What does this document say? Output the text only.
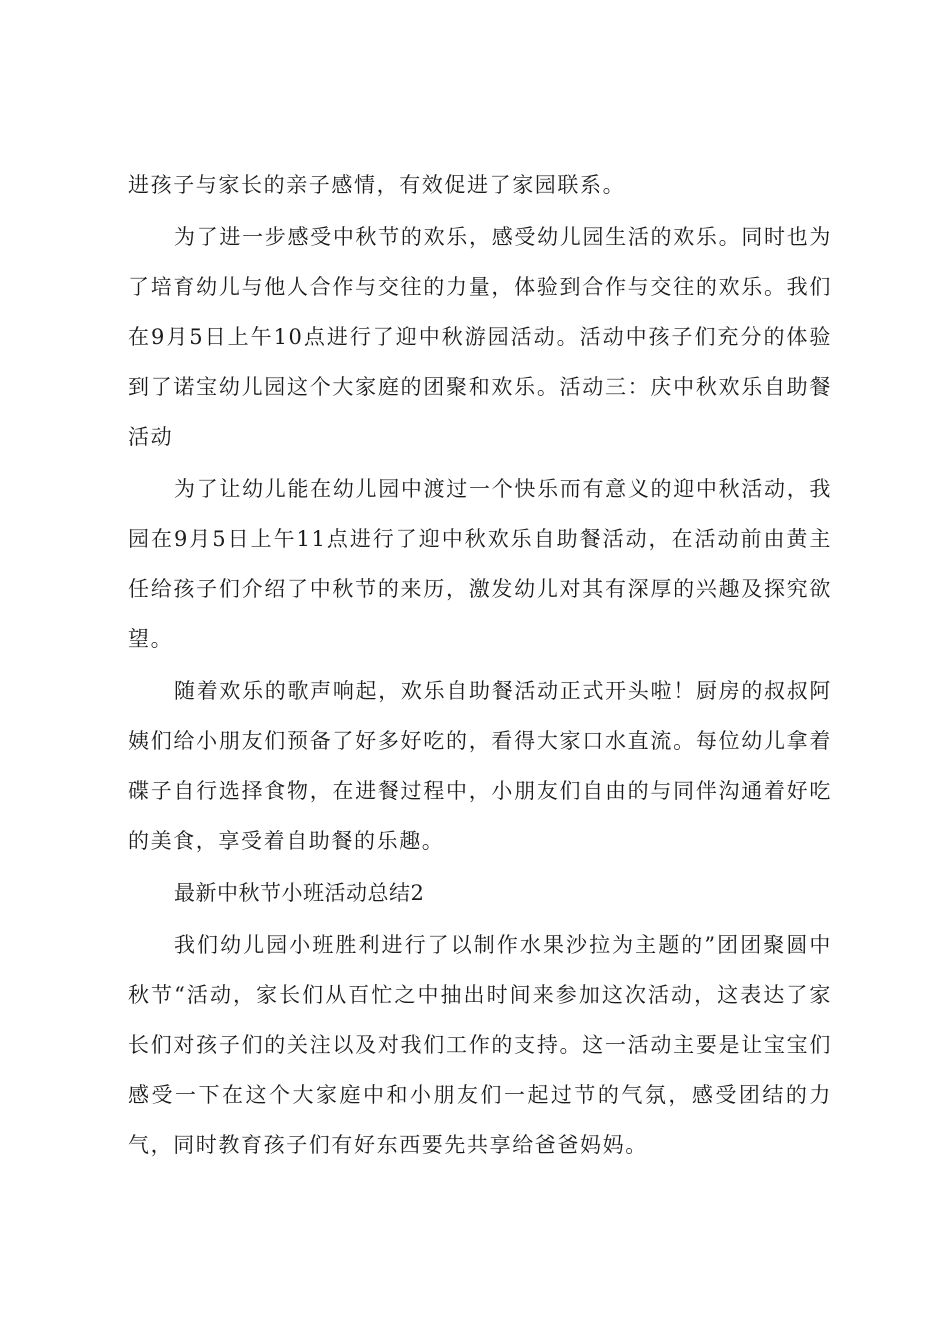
进孩子与家长的亲子感情，有效促进了家园联系。

为了进一步感受中秋节的欢乐，感受幼儿园生活的欢乐。同时也为了培育幼儿与他人合作与交往的力量，体验到合作与交往的欢乐。我们在9月5日上午10点进行了迎中秋游园活动。活动中孩子们充分的体验到了诺宝幼儿园这个大家庭的团聚和欢乐。活动三：庆中秋欢乐自助餐活动

为了让幼儿能在幼儿园中渡过一个快乐而有意义的迎中秋活动，我园在9月5日上午11点进行了迎中秋欢乐自助餐活动，在活动前由黄主任给孩子们介绍了中秋节的来历，激发幼儿对其有深厚的兴趣及探究欲望。

随着欢乐的歌声响起，欢乐自助餐活动正式开头啦！厨房的叔叔阿姨们给小朋友们预备了好多好吃的，看得大家口水直流。每位幼儿拿着碟子自行选择食物，在进餐过程中，小朋友们自由的与同伴沟通着好吃的美食，享受着自助餐的乐趣。

最新中秋节小班活动总结2

我们幼儿园小班胜利进行了以制作水果沙拉为主题的”团团聚圆中秋节“活动，家长们从百忙之中抽出时间来参加这次活动，这表达了家长们对孩子们的关注以及对我们工作的支持。这一活动主要是让宝宝们感受一下在这个大家庭中和小朋友们一起过节的气氛，感受团结的力气，同时教育孩子们有好东西要先共享给爸爸妈妈。
